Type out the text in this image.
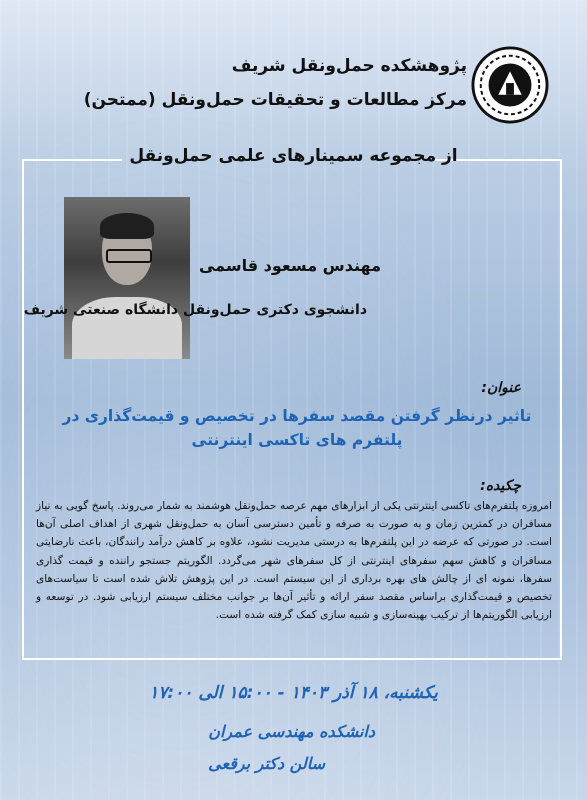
پژوهشکده حمل‌ونقل شریف
مرکز مطالعات و تحقیقات حمل‌ونقل (ممتحن)
از مجموعه سمینارهای علمی حمل‌ونقل
مهندس مسعود قاسمی
دانشجوی دکتری حمل‌ونقل دانشگاه صنعتی شریف
عنوان:
تاثیر درنظر گرفتن مقصد سفرها در تخصیص و قیمت‌گذاری در پلتفرم های تاکسی اینترنتی
چکیده:
امروزه پلتفرم‌های تاکسی اینترنتی یکی از ابزارهای مهم عرصه حمل‌ونقل هوشمند به شمار می‌روند. پاسخ گویی به نیاز مسافران در کمترین زمان و به صورت به صرفه و تأمین دسترسی آسان به حمل‌ونقل شهری از اهداف اصلی آن‌ها است. در صورتی که عرضه در این پلتفرم‌ها به درستی مدیریت نشود، علاوه بر کاهش درآمد رانندگان، باعث نارضایتی مسافران و کاهش سهم سفرهای اینترنتی از کل سفرهای شهر می‌گردد. الگوریتم جستجو راننده و قیمت گذاری سفرها، نمونه ای از چالش های بهره برداری از این سیستم است. در این پژوهش تلاش شده است تا سیاست‌های تخصیص و قیمت‌گذاری براساس مقصد سفر ارائه و تأثیر آن‌ها بر جوانب مختلف سیستم ارزیابی شود. در توسعه و ارزیابی الگوریتم‌ها از ترکیب بهینه‌سازی و شبیه سازی کمک گرفته شده است.
یکشنبه، ۱۸ آذر ۱۴۰۳ - ۱۵:۰۰ الی ۱۷:۰۰
دانشکده مهندسی عمران
سالن دکتر برقعی
